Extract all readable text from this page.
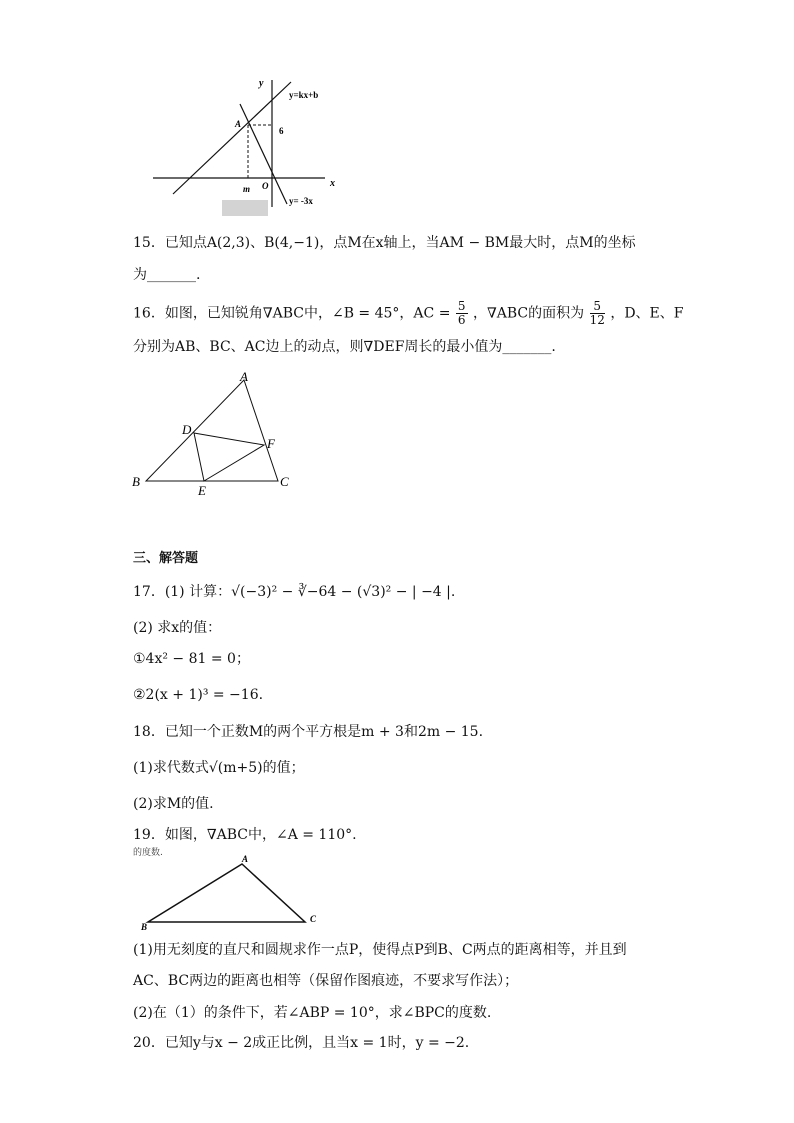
y
x
y=kx+b
y= -3x
A
6
m O
15．已知点A(2,3)、B(4,−1)，点M在x轴上，当AM − BM最大时，点M的坐标
为_______.
16．如图，已知锐角∇ABC中，∠B = 45°，AC = $\frac{5}{6}$ ，∇ABC的面积为 $\frac{5}{12}$ ，D、E、F
分别为AB、BC、AC边上的动点，则∇DEF周长的最小值为_______.
A
B	C
D
E
F
三、解答题
17．(1) 计算：√(−3)² − ∛−64 − (√3)² − | −4 |.
(2) 求x的值：
①4x² − 81 = 0；
②2(x + 1)³ = −16.
18．已知一个正数M的两个平方根是m + 3和2m − 15.
(1)求代数式√(m+5)的值；
(2)求M的值.
19．如图，∇ABC中，∠A = 110°.
的度数.
A
B
C
(1)用无刻度的直尺和圆规求作一点P，使得点P到B、C两点的距离相等，并且到
AC、BC两边的距离也相等（保留作图痕迹，不要求写作法）；
(2)在（1）的条件下，若∠ABP = 10°，求∠BPC的度数.
20．已知y与x − 2成正比例，且当x = 1时，y = −2.
